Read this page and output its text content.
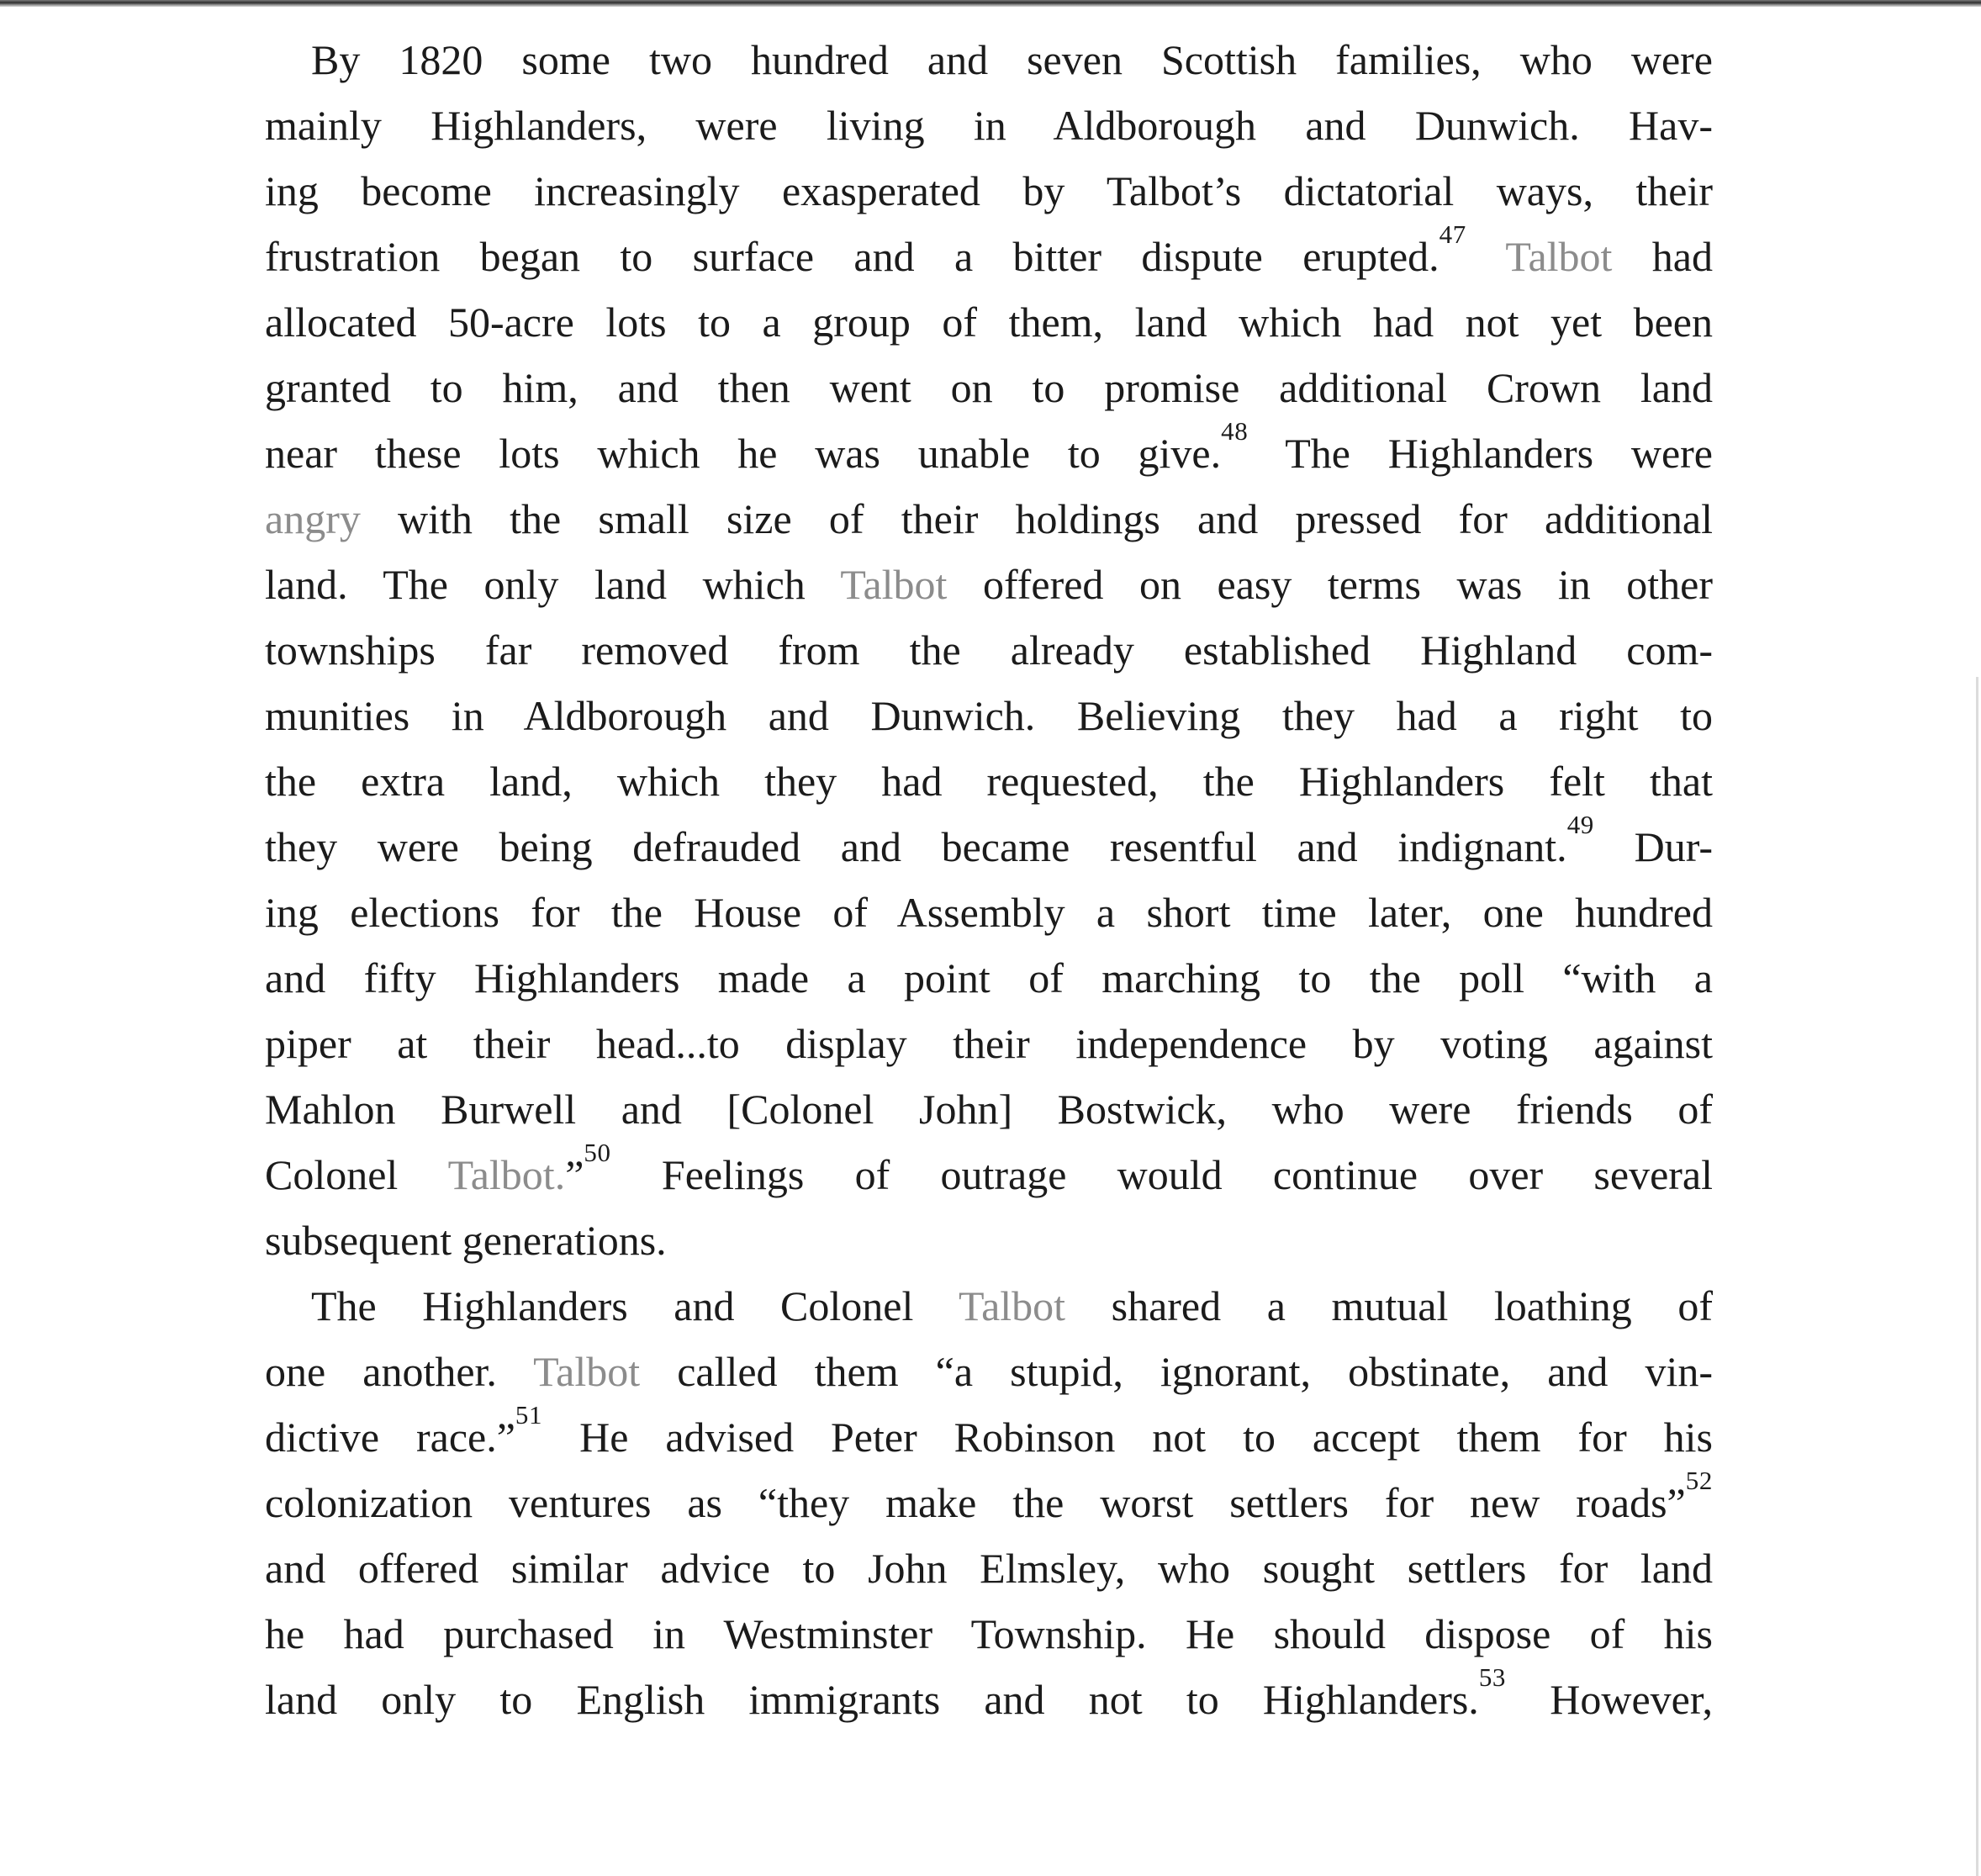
By 1820 some two hundred and seven Scottish families, who were
mainly Highlanders, were living in Aldborough and Dunwich. Hav-
ing become increasingly exasperated by Talbot’s dictatorial ways, their
frustration began to surface and a bitter dispute erupted.$^{47}$ Talbot had
allocated 50-acre lots to a group of them, land which had not yet been
granted to him, and then went on to promise additional Crown land
near these lots which he was unable to give.$^{48}$ The Highlanders were
angry with the small size of their holdings and pressed for additional
land. The only land which Talbot offered on easy terms was in other
townships far removed from the already established Highland com-
munities in Aldborough and Dunwich. Believing they had a right to
the extra land, which they had requested, the Highlanders felt that
they were being defrauded and became resentful and indignant.$^{49}$ Dur-
ing elections for the House of Assembly a short time later, one hundred
and fifty Highlanders made a point of marching to the poll “with a
piper at their head...to display their independence by voting against
Mahlon Burwell and [Colonel John] Bostwick, who were friends of
Colonel Talbot.”$^{50}$ Feelings of outrage would continue over several
subsequent generations.
The Highlanders and Colonel Talbot shared a mutual loathing of
one another. Talbot called them “a stupid, ignorant, obstinate, and vin-
dictive race.”$^{51}$ He advised Peter Robinson not to accept them for his
colonization ventures as “they make the worst settlers for new roads”$^{52}$
and offered similar advice to John Elmsley, who sought settlers for land
he had purchased in Westminster Township. He should dispose of his
land only to English immigrants and not to Highlanders.$^{53}$ However,
